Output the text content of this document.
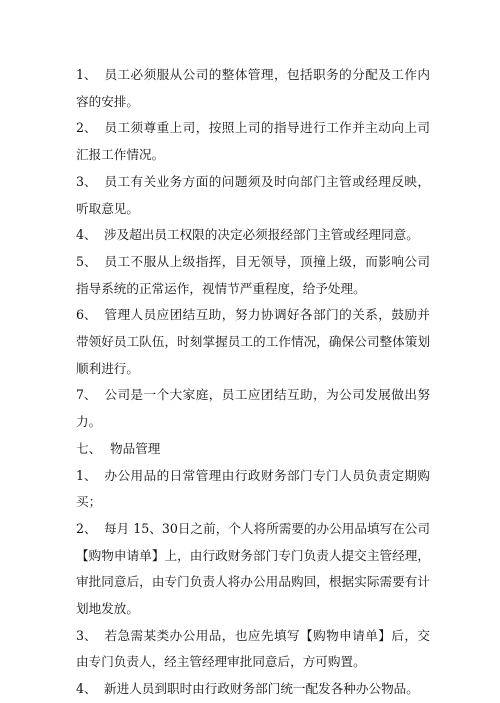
1、 员工必须服从公司的整体管理，包括职务的分配及工作内容的安排。

2、 员工须尊重上司，按照上司的指导进行工作并主动向上司汇报工作情况。

3、 员工有关业务方面的问题须及时向部门主管或经理反映，听取意见。

4、 涉及超出员工权限的决定必须报经部门主管或经理同意。

5、 员工不服从上级指挥，目无领导，顶撞上级，而影响公司指导系统的正常运作，视情节严重程度，给予处理。

6、 管理人员应团结互助，努力协调好各部门的关系，鼓励并带领好员工队伍，时刻掌握员工的工作情况，确保公司整体策划顺利进行。

7、 公司是一个大家庭，员工应团结互助，为公司发展做出努力。

七、 物品管理

1、 办公用品的日常管理由行政财务部门专门人员负责定期购买；

2、 每月 15、30日之前，个人将所需要的办公用品填写在公司【购物申请单】上，由行政财务部门专门负责人提交主管经理，审批同意后，由专门负责人将办公用品购回，根据实际需要有计划地发放。

3、 若急需某类办公用品，也应先填写【购物申请单】后，交由专门负责人，经主管经理审批同意后，方可购置。

4、 新进人员到职时由行政财务部门统一配发各种办公物品。
